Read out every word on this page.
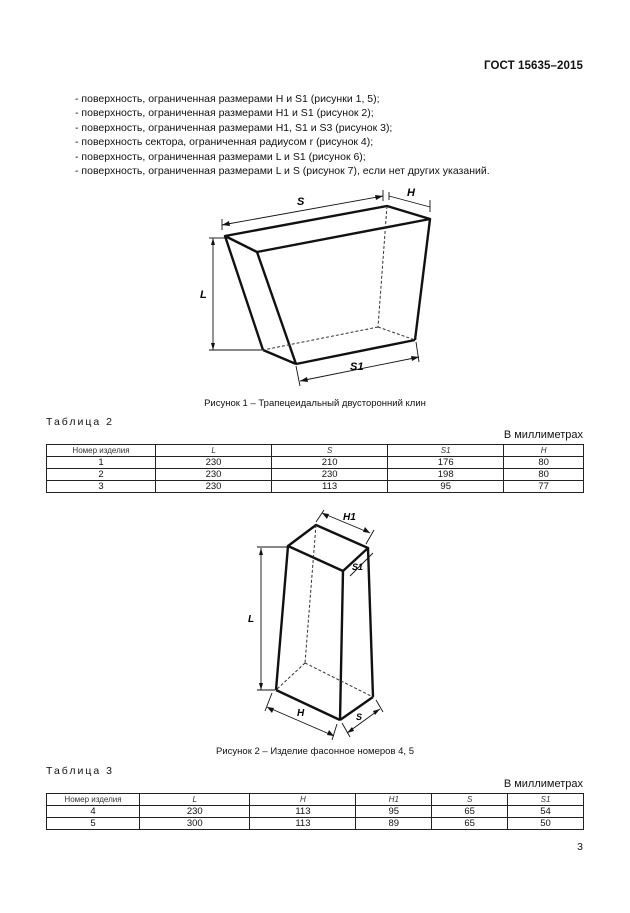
ГОСТ 15635–2015
- поверхность, ограниченная размерами H и S1 (рисунки 1, 5);
- поверхность, ограниченная размерами H1 и S1 (рисунок 2);
- поверхность, ограниченная размерами H1, S1 и S3 (рисунок 3);
- поверхность сектора, ограниченная радиусом r (рисунок 4);
- поверхность, ограниченная размерами L и S1 (рисунок 6);
- поверхность, ограниченная размерами L и S (рисунок 7), если нет других указаний.
S
H
L
S1
Рисунок 1 – Трапецеидальный двусторонний клин
Таблица 2
В миллиметрах
Номер изделия	L	S	S1	H
1	230	210	176	80
2	230	230	198	80
3	230	113	95	77
H1
S1
L
H	S
Рисунок 2 – Изделие фасонное номеров 4, 5
Таблица 3
В миллиметрах
Номер изделия	L	H	H1	S	S1
4	230	113	95	65	54
5	300	113	89	65	50
3
